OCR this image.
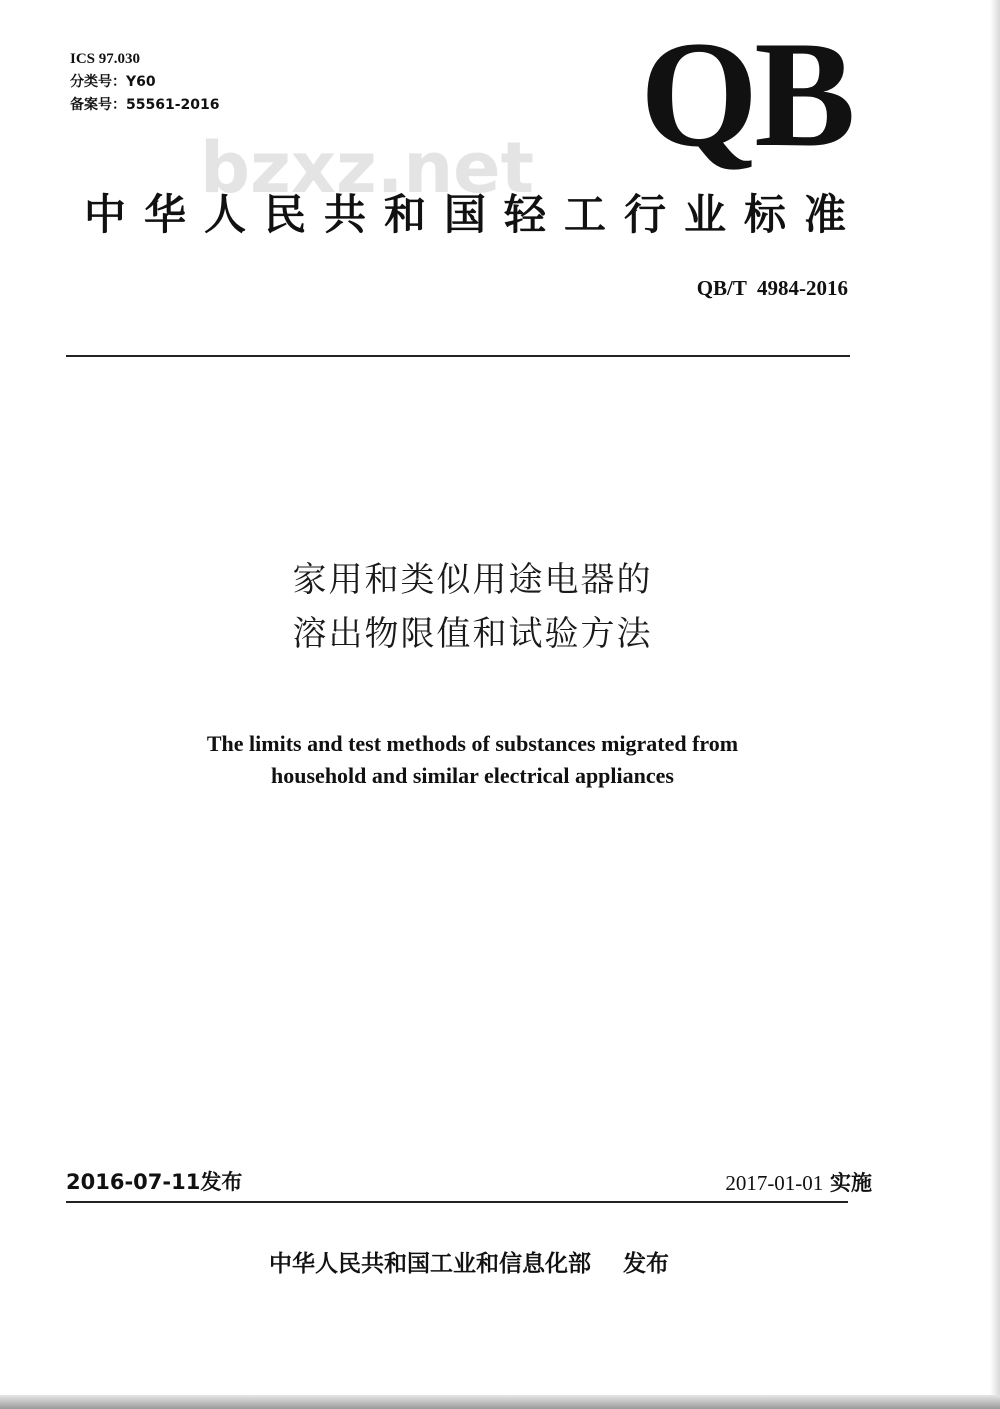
ICS 97.030
分类号：Y60
备案号：55561-2016	QB
bzxz.net
中华人民共和国轻工行业标准
QB/T  4984-2016
家用和类似用途电器的
溶出物限值和试验方法
The limits and test methods of substances migrated from
household and similar electrical appliances
2016-07-11发布	2017-01-01 实施
中华人民共和国工业和信息化部    发布
